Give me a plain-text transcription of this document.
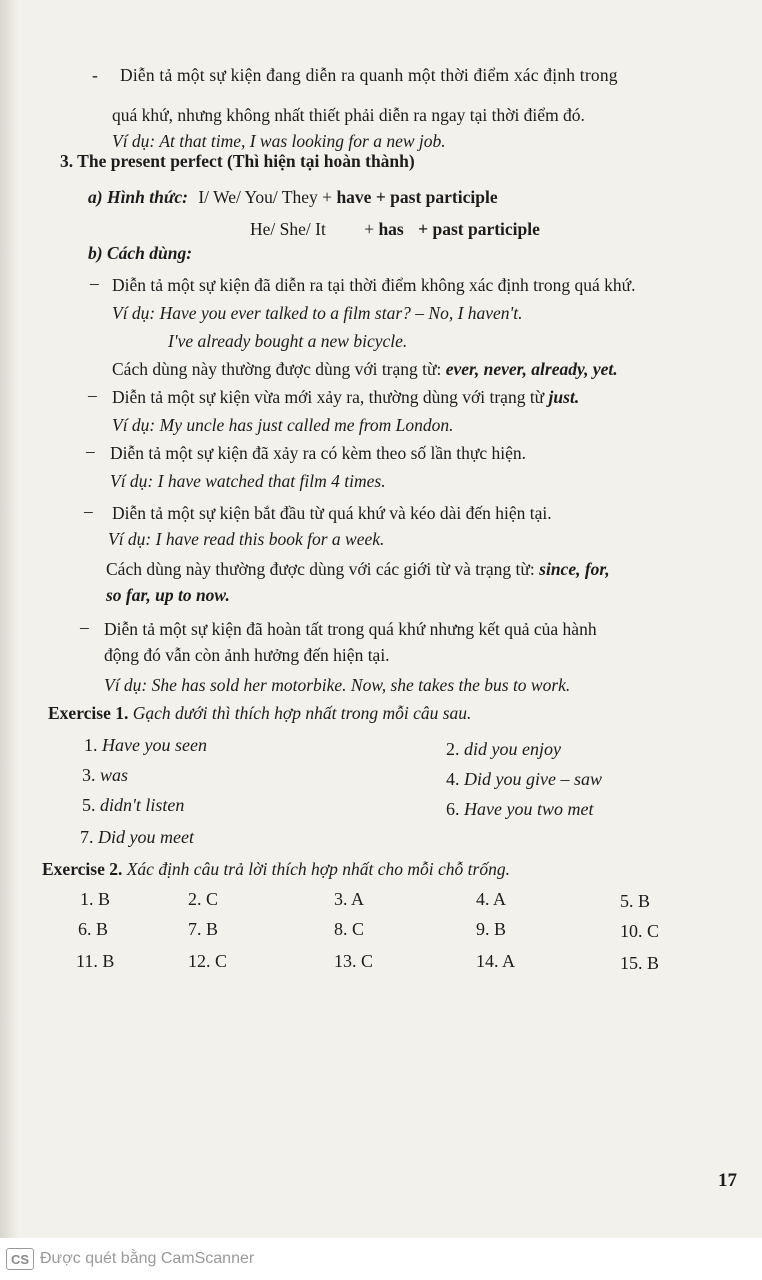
- Diễn tả một sự kiện đang diễn ra quanh một thời điểm xác định trong
quá khứ, nhưng không nhất thiết phải diễn ra ngay tại thời điểm đó.
Ví dụ: At that time, I was looking for a new job.
3. The present perfect (Thì hiện tại hoàn thành)
a) Hình thức: I/ We/ You/ They + have + past participle
He/ She/ It + has + past participle
b) Cách dùng:
– Diễn tả một sự kiện đã diễn ra tại thời điểm không xác định trong quá khứ.
Ví dụ: Have you ever talked to a film star? – No, I haven't.
I've already bought a new bicycle.
Cách dùng này thường được dùng với trạng từ: ever, never, already, yet.
– Diễn tả một sự kiện vừa mới xảy ra, thường dùng với trạng từ just.
Ví dụ: My uncle has just called me from London.
– Diễn tả một sự kiện đã xảy ra có kèm theo số lần thực hiện.
Ví dụ: I have watched that film 4 times.
– Diễn tả một sự kiện bắt đầu từ quá khứ và kéo dài đến hiện tại.
Ví dụ: I have read this book for a week.
Cách dùng này thường được dùng với các giới từ và trạng từ: since, for,
so far, up to now.
– Diễn tả một sự kiện đã hoàn tất trong quá khứ nhưng kết quả của hành
động đó vẫn còn ảnh hưởng đến hiện tại.
Ví dụ: She has sold her motorbike. Now, she takes the bus to work.
Exercise 1. Gạch dưới thì thích hợp nhất trong mỗi câu sau.
1. Have you seen	2. did you enjoy
3. was	4. Did you give – saw
5. didn't listen	6. Have you two met
7. Did you meet
Exercise 2. Xác định câu trả lời thích hợp nhất cho mỗi chỗ trống.
1. B	2. C	3. A	4. A	5. B
6. B	7. B	8. C	9. B	10. C
11. B	12. C	13. C	14. A	15. B
17
CS Được quét bằng CamScanner
